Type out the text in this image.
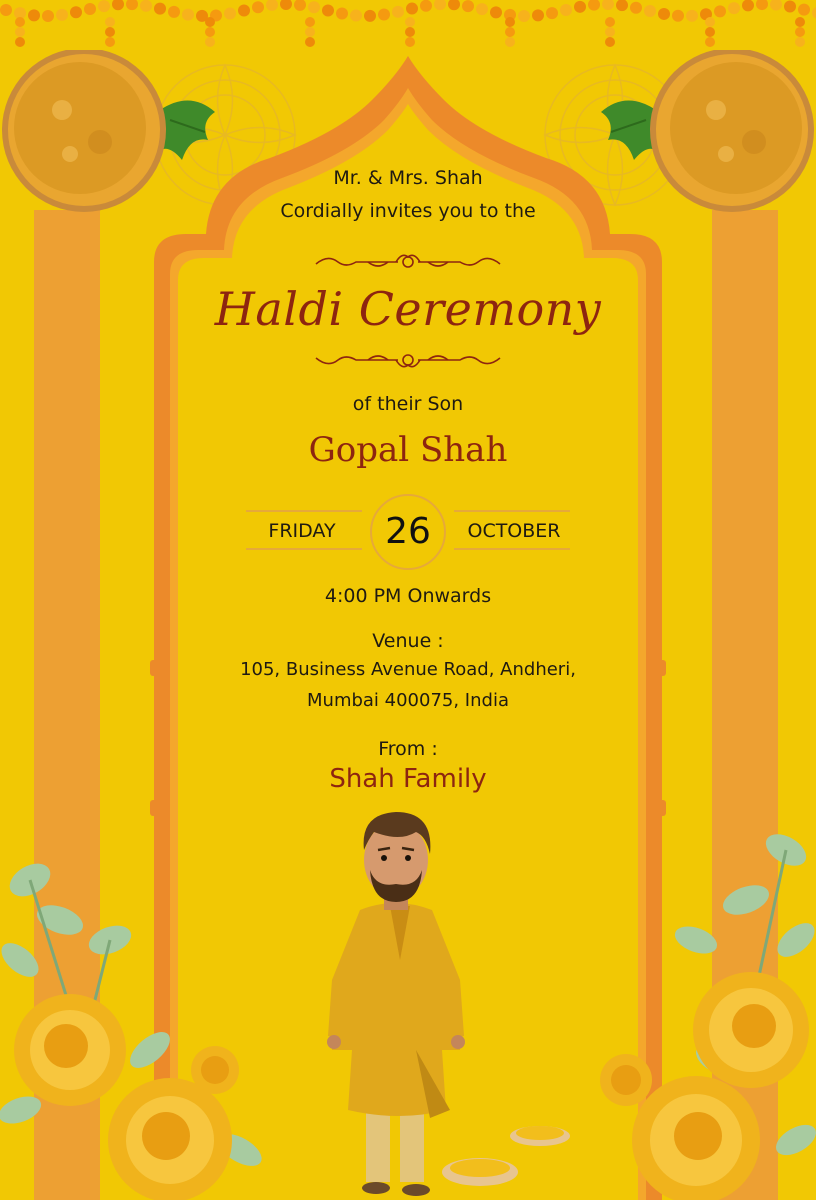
Mr. & Mrs. Shah
Cordially invites you to the
Haldi Ceremony
of their Son
Gopal Shah
FRIDAY	26	OCTOBER
4:00 PM Onwards
Venue :
105, Business Avenue Road, Andheri,
Mumbai 400075, India
From :
Shah Family
